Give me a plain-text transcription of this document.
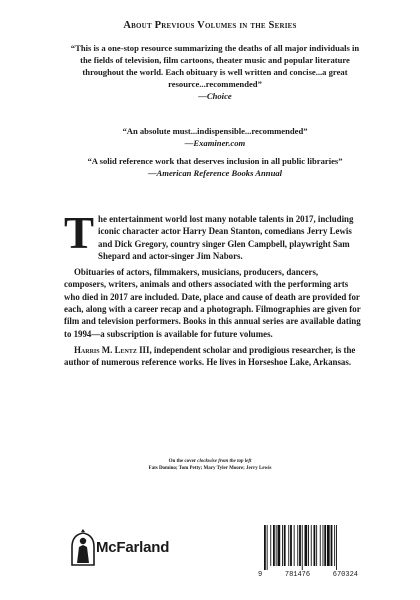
About Previous Volumes in the Series
“This is a one-stop resource summarizing the deaths of all major individuals in the fields of television, film cartoons, theater music and popular literature throughout the world. Each obituary is well written and concise...a great resource...recommended”
—Choice
“An absolute must...indispensible...recommended”
—Examiner.com
“A solid reference work that deserves inclusion in all public libraries”
—American Reference Books Annual

The entertainment world lost many notable talents in 2017, including iconic character actor Harry Dean Stanton, comedians Jerry Lewis and Dick Gregory, country singer Glen Campbell, playwright Sam Shepard and actor-singer Jim Nabors.

Obituaries of actors, filmmakers, musicians, producers, dancers, composers, writers, animals and others associated with the performing arts who died in 2017 are included. Date, place and cause of death are provided for each, along with a career recap and a photograph. Filmographies are given for film and television performers. Books in this annual series are available dating to 1994—a subscription is available for future volumes.

Harris M. Lentz III, independent scholar and prodigious researcher, is the author of numerous reference works. He lives in Horseshoe Lake, Arkansas.

On the cover clockwise from the top left
Fats Domino; Tom Petty; Mary Tyler Moore; Jerry Lewis
McFarland
9	781476	670324
